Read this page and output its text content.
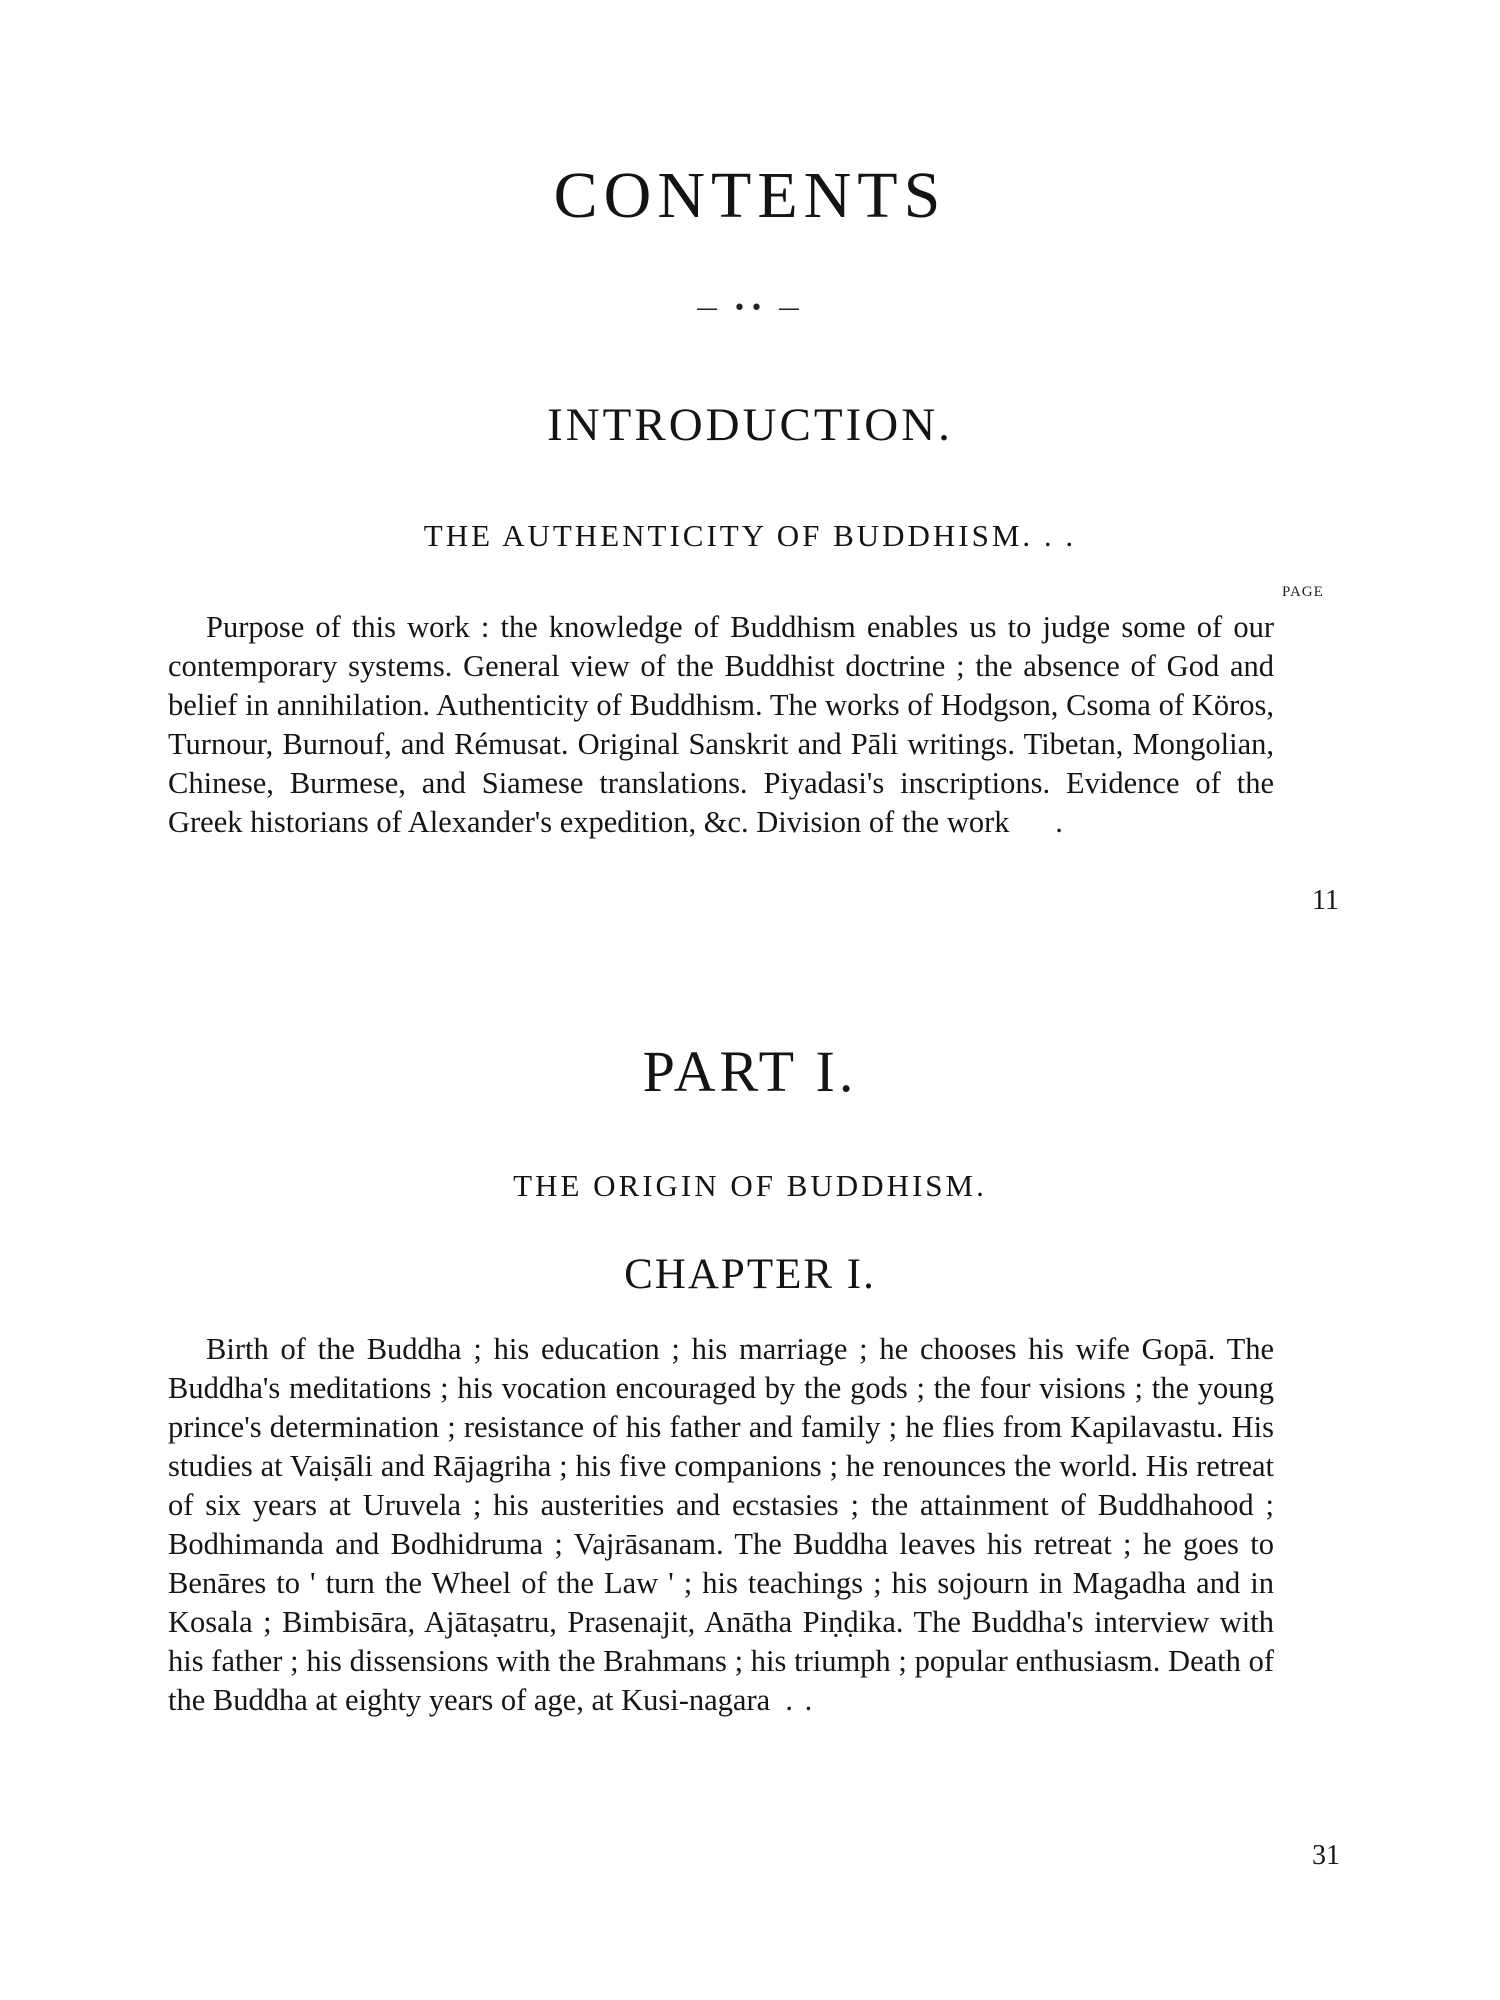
CONTENTS
— •• —
INTRODUCTION.
THE AUTHENTICITY OF BUDDHISM. . .
PAGE
Purpose of this work : the knowledge of Buddhism enables us to judge some of our contemporary systems. General view of the Buddhist doctrine ; the absence of God and belief in annihilation. Authenticity of Buddhism. The works of Hodgson, Csoma of Köros, Turnour, Burnouf, and Rémusat. Original Sanskrit and Pāli writings. Tibetan, Mongolian, Chinese, Burmese, and Siamese translations. Piyadasi's inscriptions. Evidence of the Greek historians of Alexander's expedition, &c. Division of the work .
11
PART I.
THE ORIGIN OF BUDDHISM.
CHAPTER I.
Birth of the Buddha ; his education ; his marriage ; he chooses his wife Gopā. The Buddha's meditations ; his vocation encouraged by the gods ; the four visions ; the young prince's determination ; resistance of his father and family ; he flies from Kapilavastu. His studies at Vaiṣāli and Rājagriha ; his five companions ; he renounces the world. His retreat of six years at Uruvela ; his austerities and ecstasies ; the attainment of Buddhahood ; Bodhimanda and Bodhidruma ; Vajrāsanam. The Buddha leaves his retreat ; he goes to Benāres to ' turn the Wheel of the Law ' ; his teachings ; his sojourn in Magadha and in Kosala ; Bimbisāra, Ajātaṣatru, Prasenajit, Anātha Piṇḍika. The Buddha's interview with his father ; his dissensions with the Brahmans ; his triumph ; popular enthusiasm. Death of the Buddha at eighty years of age, at Kusi-nagara . .
31
